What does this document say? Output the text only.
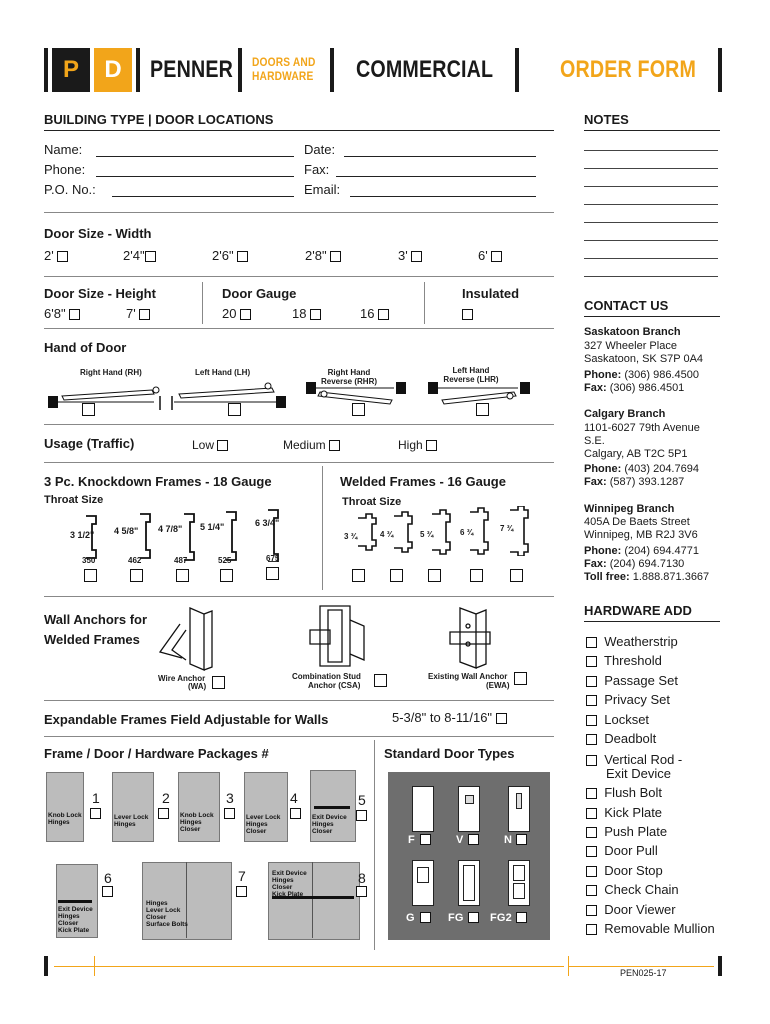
P	D	PENNER DOORS AND
HARDWARE COMMERCIAL	ORDER FORM
BUILDING TYPE | DOOR LOCATIONS
Name:
Phone:
P.O. No.:
Date:
Fax:
Email:
Door Size - Width
2'	2'4"	2'6"	2'8"	3'	6'
Door Size - Height
6'8"	7'
Door Gauge
20	18	16
Insulated
Hand of Door
Right Hand (RH)	Left Hand (LH)	Right Hand Reverse (RHR)
Left Hand Reverse (LHR)
Usage (Traffic)	Low	Medium	High
3 Pc. Knockdown Frames - 18 Gauge
Throat Size
3 1/2" 4 5/8" 4 7/8" 5 1/4"	6 3/4"
350	462	487	525	675
Welded Frames - 16 Gauge
Throat Size
3 ¾	4 ¾	5 ¾	6 ¾	7 ¾
Wall Anchors for
Welded Frames
Wire Anchor
(WA)
Combination Stud
Anchor (CSA)
Existing Wall Anchor
(EWA)
Expandable Frames Field Adjustable for Walls	5-3/8" to 8-11/16"
Frame / Door / Hardware Packages #
Knob Lock
Hinges
1
Lever Lock
Hinges
2
Knob Lock
Hinges
Closer
3
Lever Lock
Hinges
Closer
4
Exit Device
Hinges
Closer
5
Exit Device
Hinges
Closer
Kick Plate
6
Hinges
Lever Lock
Closer
Surface Bolts
7	Exit Device
Hinges
Closer
Kick Plate
8
Standard Door Types
F	V	N
G	FG FG2
NOTES
CONTACT US
Saskatoon Branch
327 Wheeler Place
Saskatoon, SK S7P 0A4
Phone: (306) 986.4500
Fax: (306) 986.4501
Calgary Branch
1101-6027 79th Avenue
S.E.
Calgary, AB T2C 5P1
Phone: (403) 204.7694
Fax: (587) 393.1287
Winnipeg Branch
405A De Baets Street
Winnipeg, MB R2J 3V6
Phone: (204) 694.4771
Fax: (204) 694.7130
Toll free: 1.888.871.3667
HARDWARE ADD
Weatherstrip
Threshold
Passage Set
Privacy Set
Lockset
Deadbolt
Vertical Rod -
Exit Device
Flush Bolt
Kick Plate
Push Plate
Door Pull
Door Stop
Check Chain
Door Viewer
Removable Mullion
PEN025-17
